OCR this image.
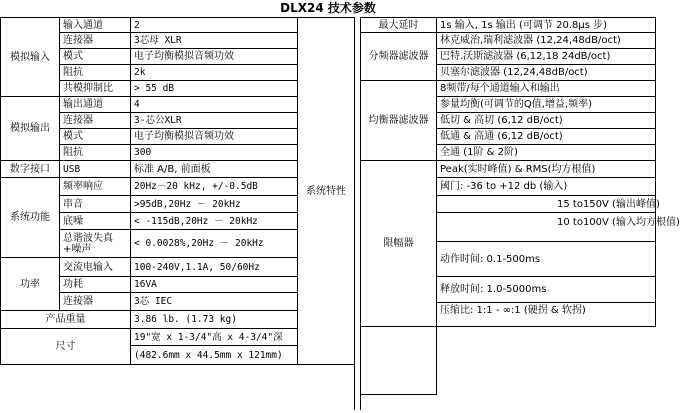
DLX24 技术参数
模拟输入	输入通道	2	系统特性
	连接器	3芯母 XLR	
	模式	电子均衡模拟音频功效	
	阻抗	2k	
	共模抑制比	> 55 dB	
模拟输出	输出通道	4	
	连接器	3-芯公XLR	
	模式	电子均衡模拟音频功效	
	阻抗	300	
数字接口	USB	标准 A/B, 前面板	
系统功能	频率响应	20Hz－20 kHz, +/-0.5dB	
	串音	>95dB,20Hz － 20kHz	
	底噪	< -115dB,20Hz － 20kHz	
	总谐波失真+噪声	< 0.0028%,20Hz － 20kHz	

功率	交流电输入	100-240V,1.1A, 50/60Hz	
	功耗	16VA	

	连接器	3芯 IEC	
产品重量		3.86 lb. (1.73 kg)	

尺寸		19"宽 x 1-3/4"高 x 4-3/4"深	
		(482.6mm x 44.5mm x 121mm)	

最大延时	1s 输入, 1s 输出 (可调节 20.8μs 步)
分频器滤波器	林克威治,瑞利滤波器 (12,24,48dB/oct)
	巴特.沃斯滤波器 (6,12,18 24dB/oct)
	贝塞尔滤波器 (12,24,48dB/oct)
均衡器滤波器	8频带/每个通道输入和输出
	参量均衡(可调节的Q值,增益,频率)
	低切 & 高切 (6,12 dB/oct)
	低通 & 高通 (6,12 dB/oct)
	全通 (1阶 & 2阶)
限幅器	Peak(实时峰值) & RMS(均方根值)
	阈门: -36 to +12 db (输入)
	15 to150V (输出峰值)
	10 to100V (输入均方根值)
	动作时间: 0.1-500ms
	释放时间: 1.0-5000ms
	压缩比: 1:1 - ∞:1 (硬拐 & 软拐)
